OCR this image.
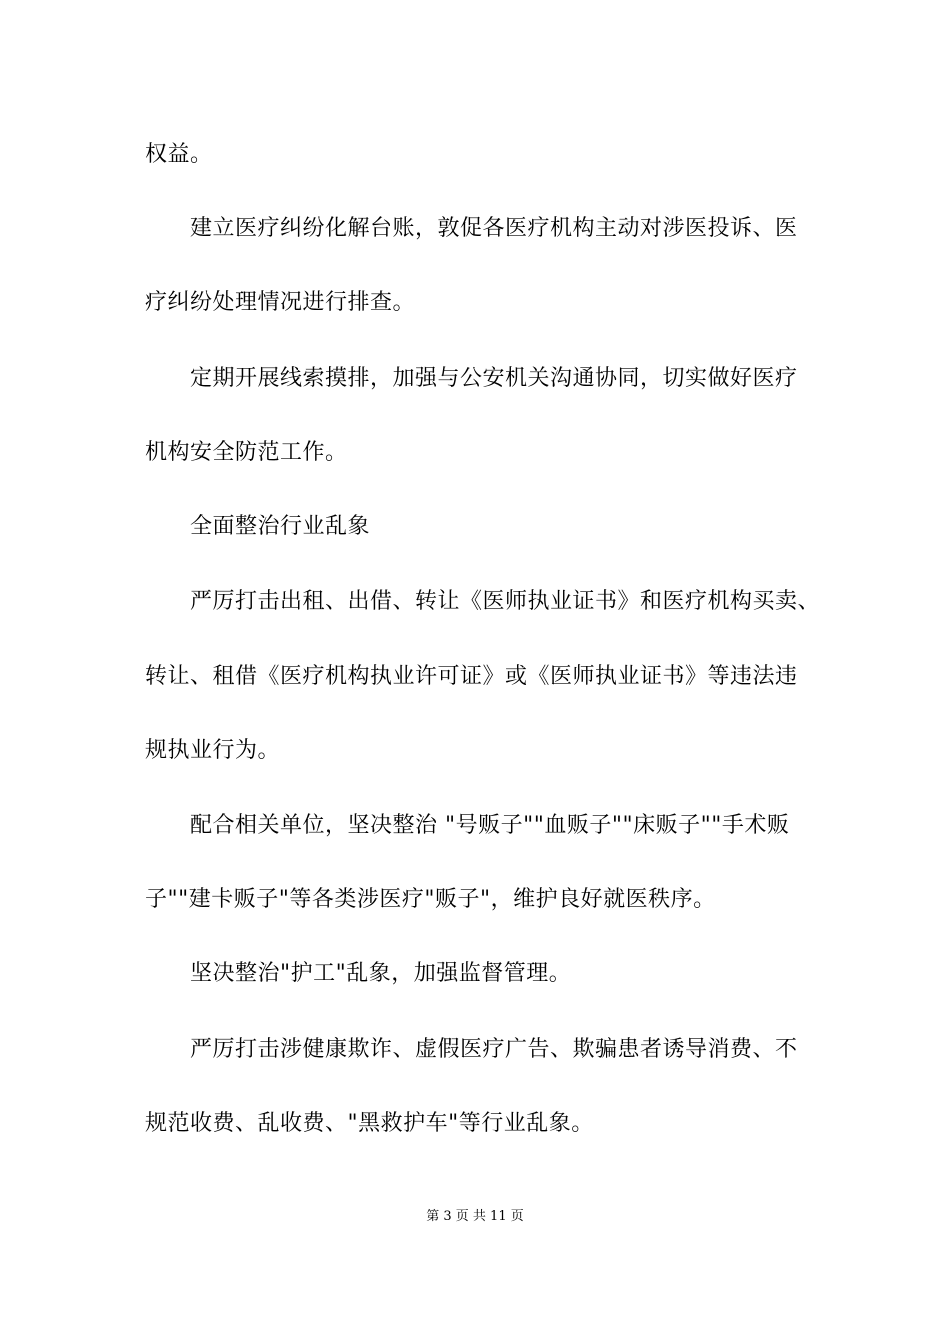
权益。
建立医疗纠纷化解台账，敦促各医疗机构主动对涉医投诉、医
疗纠纷处理情况进行排查。
定期开展线索摸排，加强与公安机关沟通协同，切实做好医疗
机构安全防范工作。
全面整治行业乱象
严厉打击出租、出借、转让《医师执业证书》和医疗机构买卖、
转让、租借《医疗机构执业许可证》或《医师执业证书》等违法违
规执业行为。
配合相关单位，坚决整治 "号贩子""血贩子""床贩子""手术贩
子""建卡贩子"等各类涉医疗"贩子"，维护良好就医秩序。
坚决整治"护工"乱象，加强监督管理。
严厉打击涉健康欺诈、虚假医疗广告、欺骗患者诱导消费、不
规范收费、乱收费、"黑救护车"等行业乱象。
第 3 页 共 11 页
